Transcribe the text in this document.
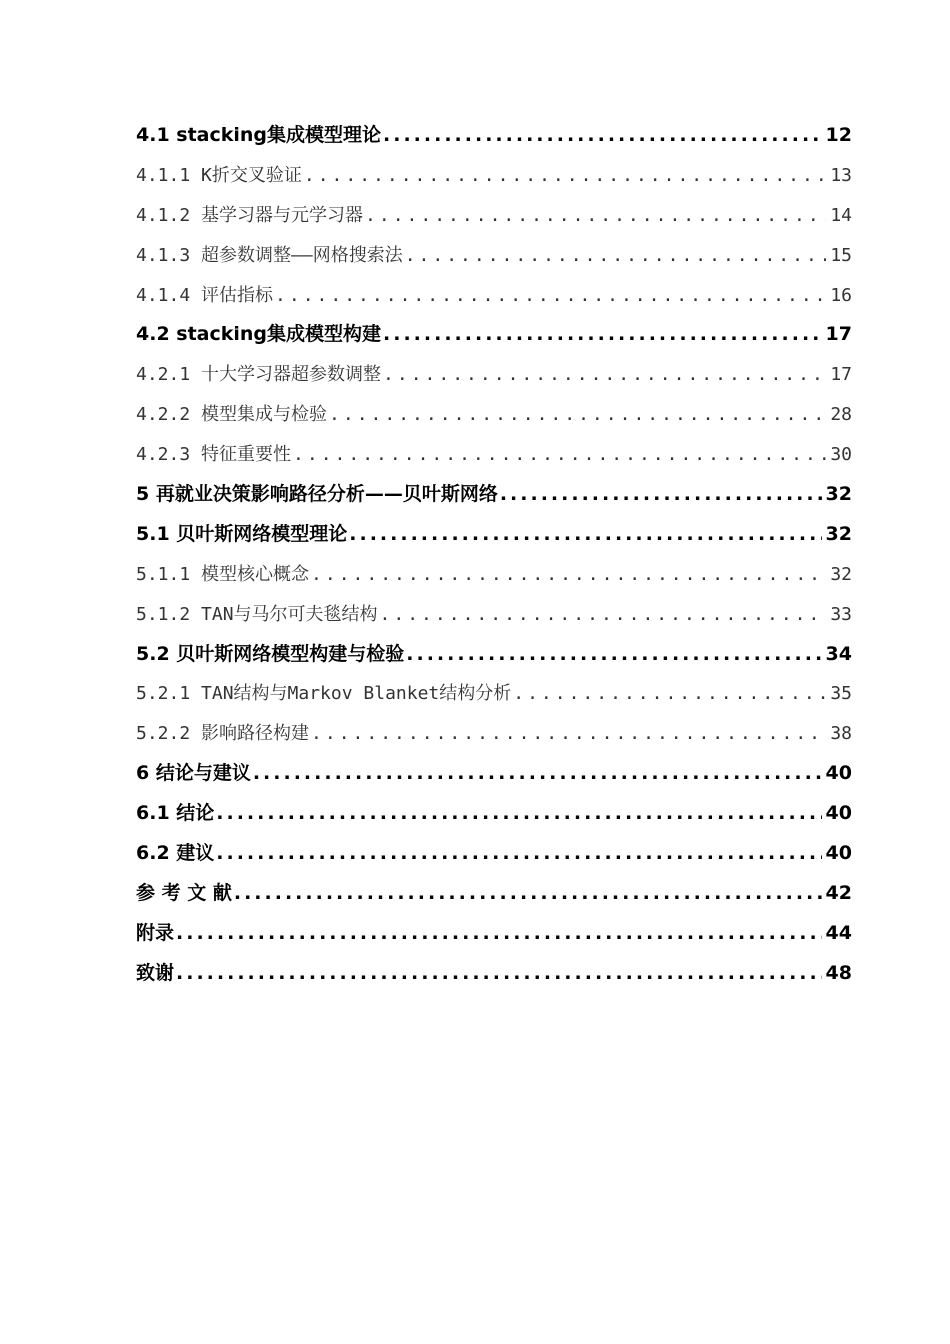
4.1 stacking集成模型理论 .....	12
4.1.1 K折交叉验证 .....	13
4.1.2 基学习器与元学习器 .....	14
4.1.3 超参数调整——网格搜索法 .....	15
4.1.4 评估指标 .....	16
4.2 stacking集成模型构建 .....	17
4.2.1 十大学习器超参数调整 .....	17
4.2.2 模型集成与检验 .....	28
4.2.3 特征重要性 .....	30
5 再就业决策影响路径分析——贝叶斯网络 .....	32
5.1 贝叶斯网络模型理论 .....	32
5.1.1 模型核心概念 .....	32
5.1.2 TAN与马尔可夫毯结构 .....	33
5.2 贝叶斯网络模型构建与检验 .....	34
5.2.1 TAN结构与Markov Blanket结构分析 .....	35
5.2.2 影响路径构建 .....	38
6 结论与建议 .....	40
6.1 结论 .....	40
6.2 建议 .....	40
参 考 文 献 .....	42
附录 .....	44
致谢 .....	48
